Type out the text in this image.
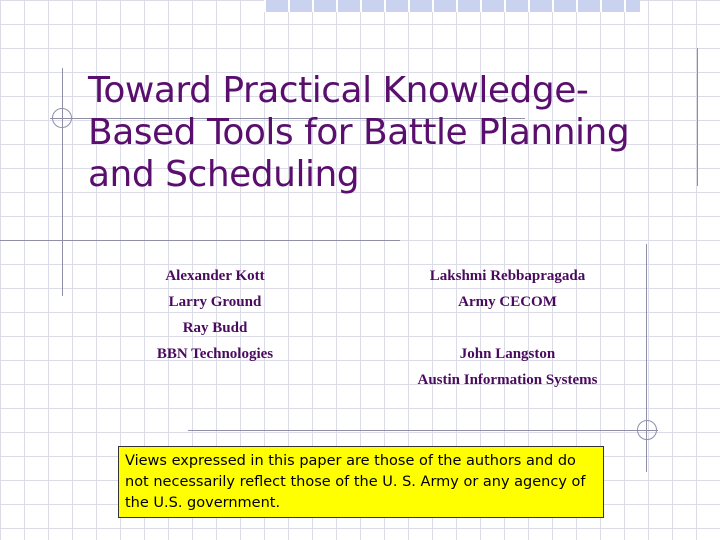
Toward Practical Knowledge-Based Tools for Battle Planning and Scheduling
Alexander Kott
Larry Ground
Ray Budd
BBN Technologies
Lakshmi Rebbapragada
Army CECOM
John Langston
Austin Information Systems
Views expressed in this paper are those of the authors and do not necessarily reflect those of the U. S. Army or any agency of the U.S. government.
